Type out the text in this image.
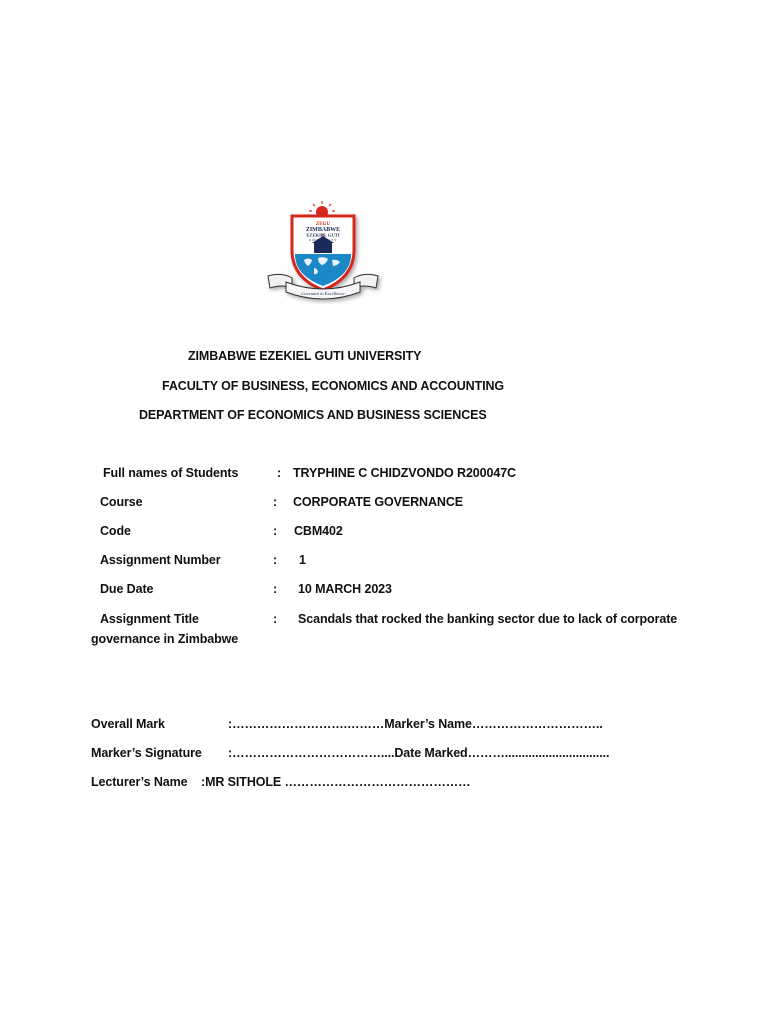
ZEGU
ZIMBABWE
EZEKIEL GUTI
UNIVERSITY
Covenant to Excellence
ZIMBABWE EZEKIEL GUTI UNIVERSITY
FACULTY OF BUSINESS, ECONOMICS AND ACCOUNTING
DEPARTMENT OF ECONOMICS AND BUSINESS SCIENCES
Full names of Students	: TRYPHINE C CHIDZVONDO R200047C
Course	: CORPORATE GOVERNANCE
Code	: CBM402
Assignment Number	: 1
Due Date	: 10 MARCH 2023
Assignment Title	: Scandals that rocked the banking sector due to lack of corporate
governance in Zimbabwe
Overall Mark	:……………………….………Marker’s Name…………………………..
Marker’s Signature :………………………………....Date Marked………...............................
Lecturer’s Name :MR SITHOLE ………………………………………
